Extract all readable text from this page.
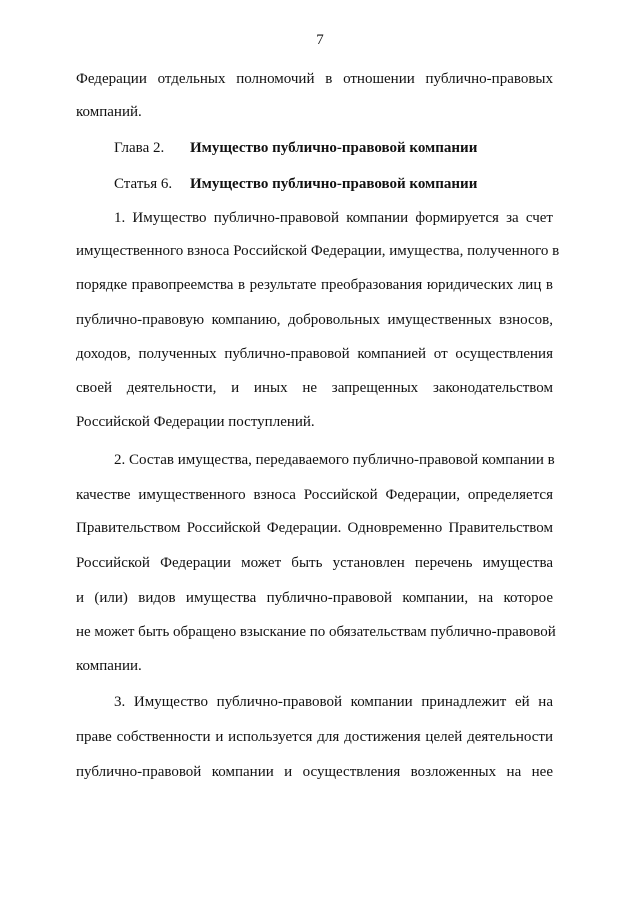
7
Федерации отдельных полномочий в отношении публично-правовых
компаний.
Глава 2. Имущество публично-правовой компании
Статья 6. Имущество публично-правовой компании
1. Имущество публично-правовой компании формируется за счет
имущественного взноса Российской Федерации, имущества, полученного в
порядке правопреемства в результате преобразования юридических лиц в
публично-правовую компанию, добровольных имущественных взносов,
доходов, полученных публично-правовой компанией от осуществления
своей деятельности, и иных не запрещенных законодательством
Российской Федерации поступлений.
2. Состав имущества, передаваемого публично-правовой компании в
качестве имущественного взноса Российской Федерации, определяется
Правительством Российской Федерации. Одновременно Правительством
Российской Федерации может быть установлен перечень имущества
и (или) видов имущества публично-правовой компании, на которое
не может быть обращено взыскание по обязательствам публично-правовой
компании.
3. Имущество публично-правовой компании принадлежит ей на
праве собственности и используется для достижения целей деятельности
публично-правовой компании и осуществления возложенных на нее
